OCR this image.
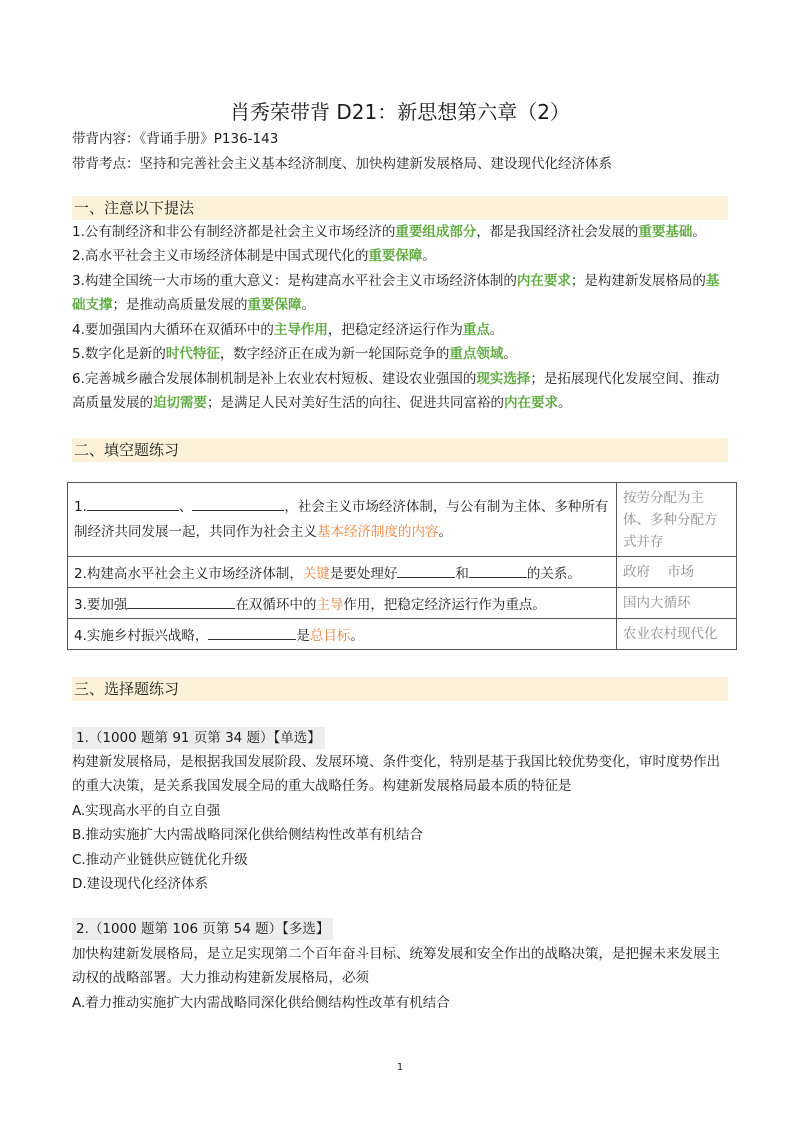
肖秀荣带背 D21：新思想第六章（2）
带背内容：《背诵手册》P136-143
带背考点：坚持和完善社会主义基本经济制度、加快构建新发展格局、建设现代化经济体系
一、注意以下提法
1.公有制经济和非公有制经济都是社会主义市场经济的重要组成部分，都是我国经济社会发展的重要基础。
2.高水平社会主义市场经济体制是中国式现代化的重要保障。
3.构建全国统一大市场的重大意义：是构建高水平社会主义市场经济体制的内在要求；是构建新发展格局的基础支撑；是推动高质量发展的重要保障。
4.要加强国内大循环在双循环中的主导作用，把稳定经济运行作为重点。
5.数字化是新的时代特征，数字经济正在成为新一轮国际竞争的重点领域。
6.完善城乡融合发展体制机制是补上农业农村短板、建设农业强国的现实选择；是拓展现代化发展空间、推动高质量发展的迫切需要；是满足人民对美好生活的向往、促进共同富裕的内在要求。
二、填空题练习
1. 、 ，社会主义市场经济体制，与公有制为主体、多种所有制经济共同发展一起，共同作为社会主义基本经济制度的内容。	按劳分配为主体、多种分配方式并存
2.构建高水平社会主义市场经济体制，关键是要处理好 和 的关系。	政府    市场
3.要加强 在双循环中的主导作用，把稳定经济运行作为重点。	国内大循环
4.实施乡村振兴战略， 是总目标。	农业农村现代化
三、选择题练习
1.（1000 题第 91 页第 34 题）【单选】
构建新发展格局，是根据我国发展阶段、发展环境、条件变化，特别是基于我国比较优势变化，审时度势作出的重大决策，是关系我国发展全局的重大战略任务。构建新发展格局最本质的特征是
A.实现高水平的自立自强
B.推动实施扩大内需战略同深化供给侧结构性改革有机结合
C.推动产业链供应链优化升级
D.建设现代化经济体系
2.（1000 题第 106 页第 54 题）【多选】
加快构建新发展格局，是立足实现第二个百年奋斗目标、统筹发展和安全作出的战略决策，是把握未来发展主动权的战略部署。大力推动构建新发展格局，必须
A.着力推动实施扩大内需战略同深化供给侧结构性改革有机结合
1
